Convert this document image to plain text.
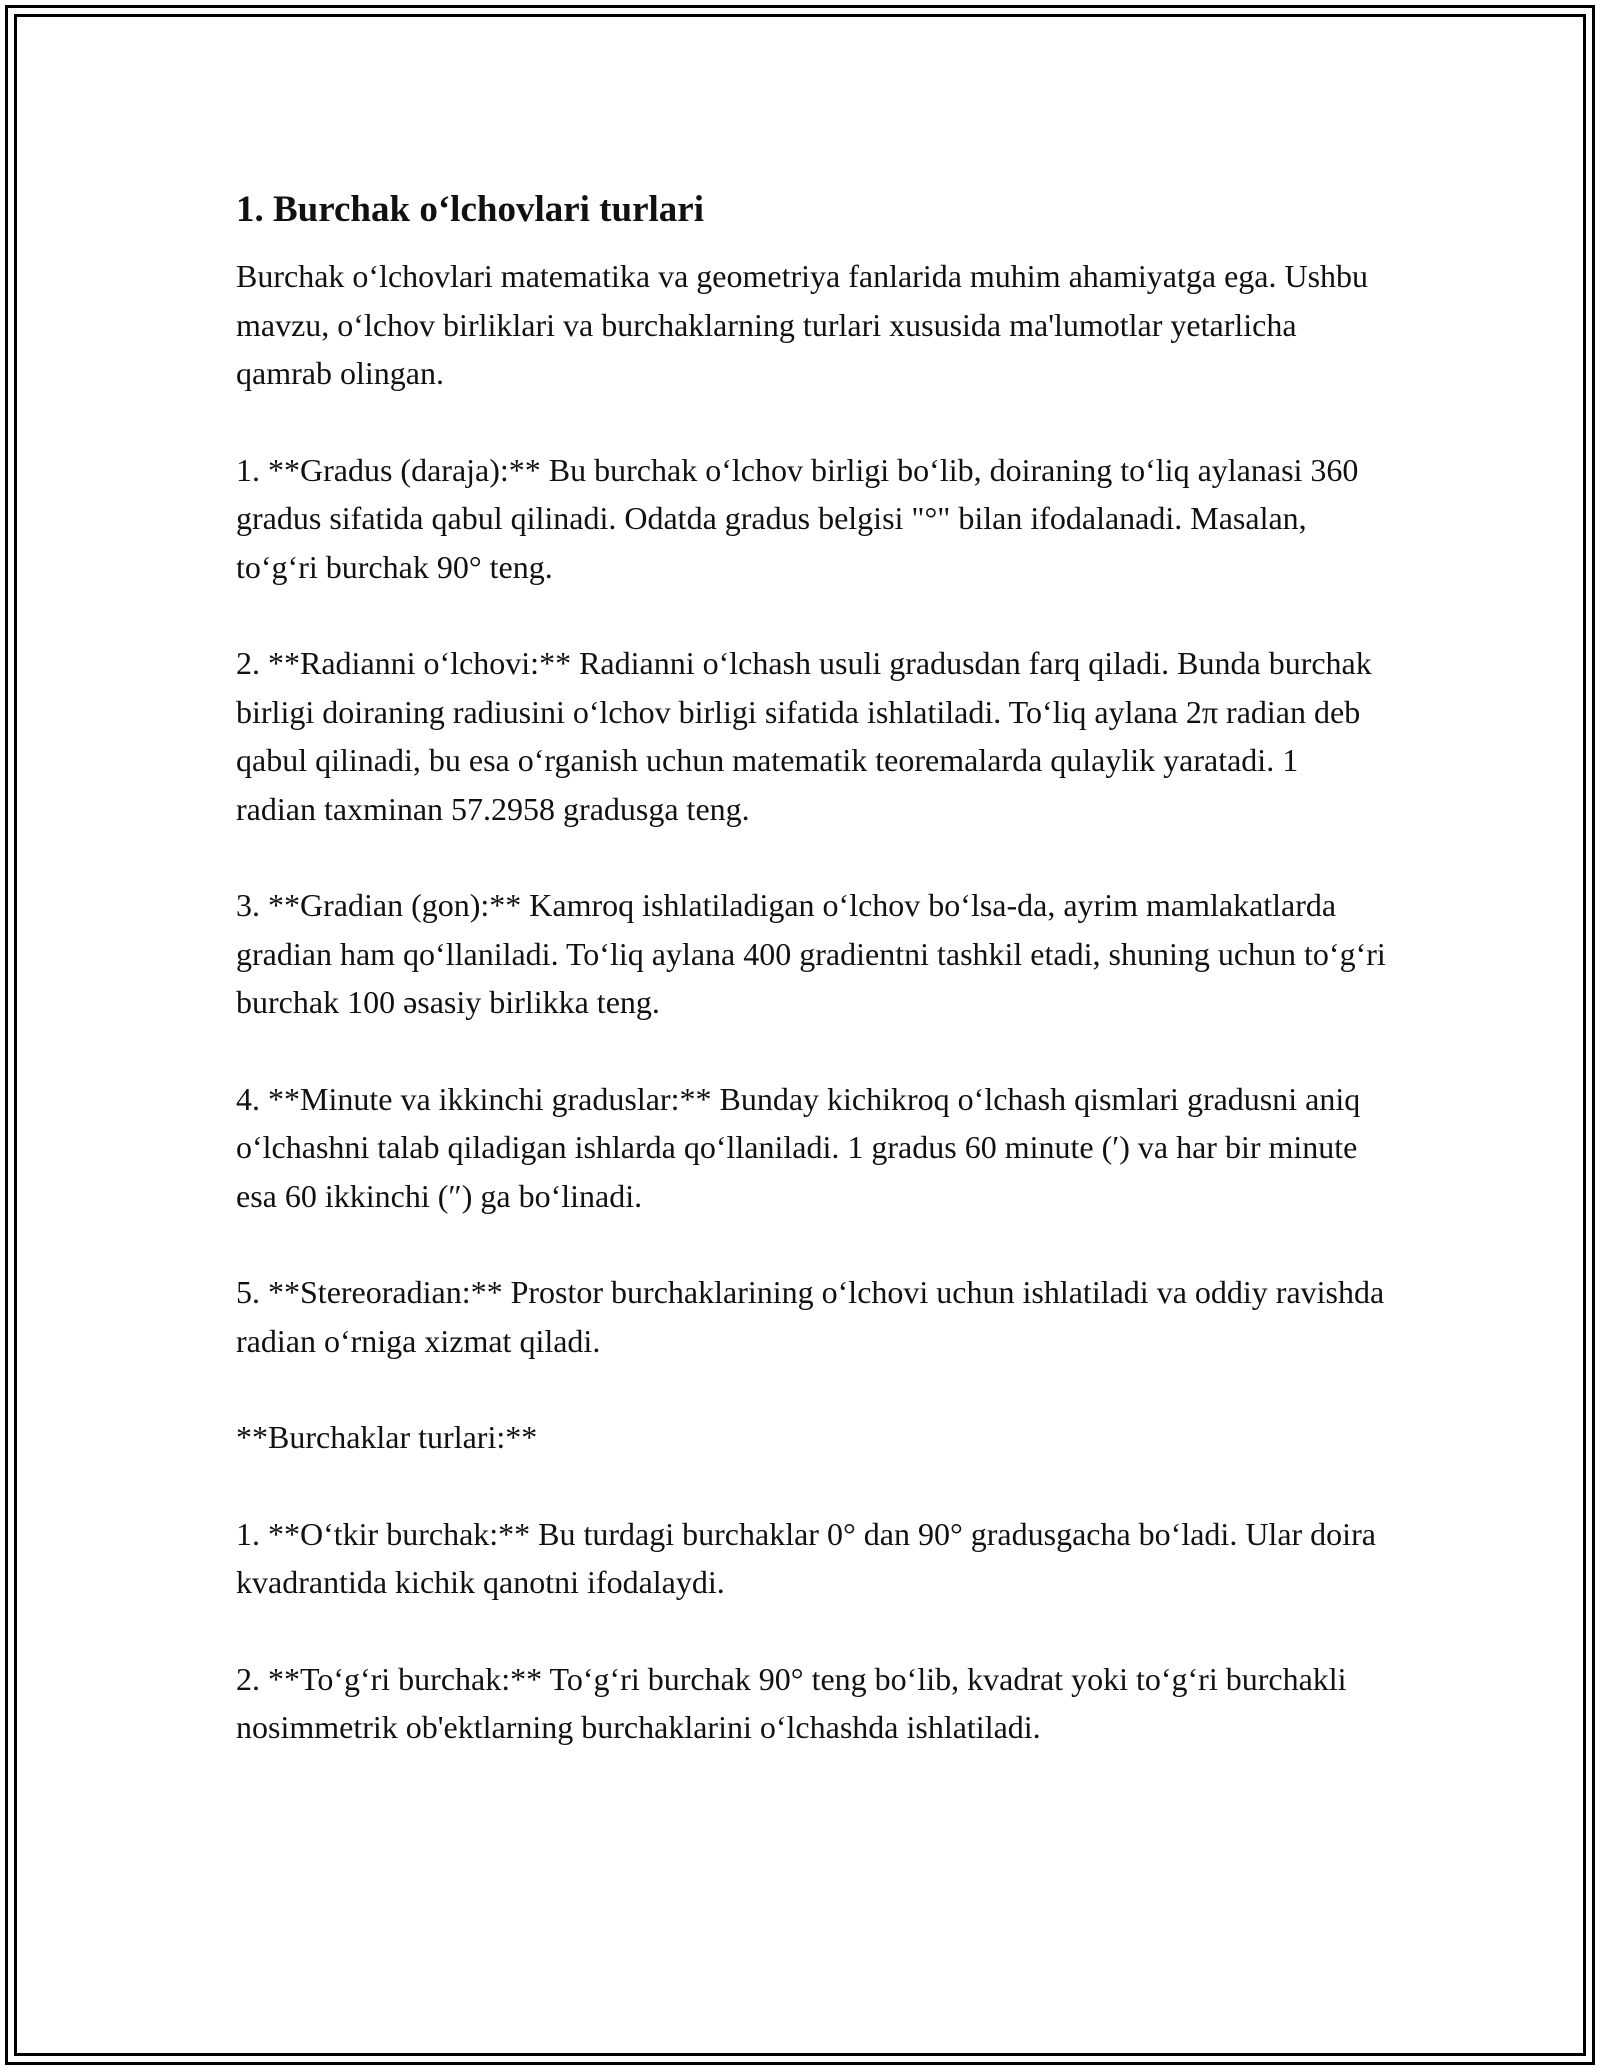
1. Burchak o‘lchovlari turlari

Burchak o‘lchovlari matematika va geometriya fanlarida muhim ahamiyatga ega. Ushbu mavzu, o‘lchov birliklari va burchaklarning turlari xususida ma'lumotlar yetarlicha qamrab olingan.

1. **Gradus (daraja):** Bu burchak o‘lchov birligi bo‘lib, doiraning to‘liq aylanasi 360 gradus sifatida qabul qilinadi. Odatda gradus belgisi "°" bilan ifodalanadi. Masalan, to‘g‘ri burchak 90° teng.

2. **Radianni o‘lchovi:** Radianni o‘lchash usuli gradusdan farq qiladi. Bunda burchak birligi doiraning radiusini o‘lchov birligi sifatida ishlatiladi. To‘liq aylana 2π radian deb qabul qilinadi, bu esa o‘rganish uchun matematik teoremalarda qulaylik yaratadi. 1 radian taxminan 57.2958 gradusga teng.

3. **Gradian (gon):** Kamroq ishlatiladigan o‘lchov bo‘lsa-da, ayrim mamlakatlarda gradian ham qo‘llaniladi. To‘liq aylana 400 gradientni tashkil etadi, shuning uchun to‘g‘ri burchak 100 əsasiy birlikka teng.

4. **Minute va ikkinchi graduslar:** Bunday kichikroq o‘lchash qismlari gradusni aniq o‘lchashni talab qiladigan ishlarda qo‘llaniladi. 1 gradus 60 minute (′) va har bir minute esa 60 ikkinchi (″) ga bo‘linadi.

5. **Stereoradian:** Prostor burchaklarining o‘lchovi uchun ishlatiladi va oddiy ravishda radian o‘rniga xizmat qiladi.

**Burchaklar turlari:**

1. **O‘tkir burchak:** Bu turdagi burchaklar 0° dan 90° gradusgacha bo‘ladi. Ular doira kvadrantida kichik qanotni ifodalaydi.

2. **To‘g‘ri burchak:** To‘g‘ri burchak 90° teng bo‘lib, kvadrat yoki to‘g‘ri burchakli nosimmetrik ob'ektlarning burchaklarini o‘lchashda ishlatiladi.
